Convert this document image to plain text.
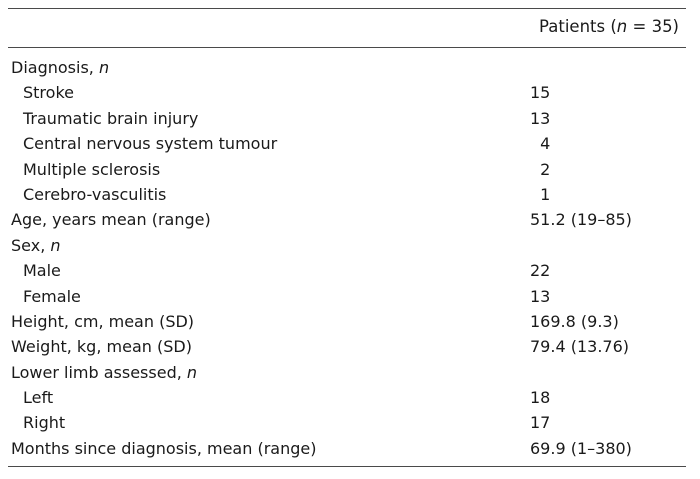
Patients (n = 35)
Diagnosis, n
Stroke	15
Traumatic brain injury	13
Central nervous system tumour	4
Multiple sclerosis	2
Cerebro-vasculitis	1
Age, years mean (range)	51.2 (19–85)
Sex, n
Male	22
Female	13
Height, cm, mean (SD)	169.8 (9.3)
Weight, kg, mean (SD)	79.4 (13.76)
Lower limb assessed, n
Left	18
Right	17
Months since diagnosis, mean (range)	69.9 (1–380)
